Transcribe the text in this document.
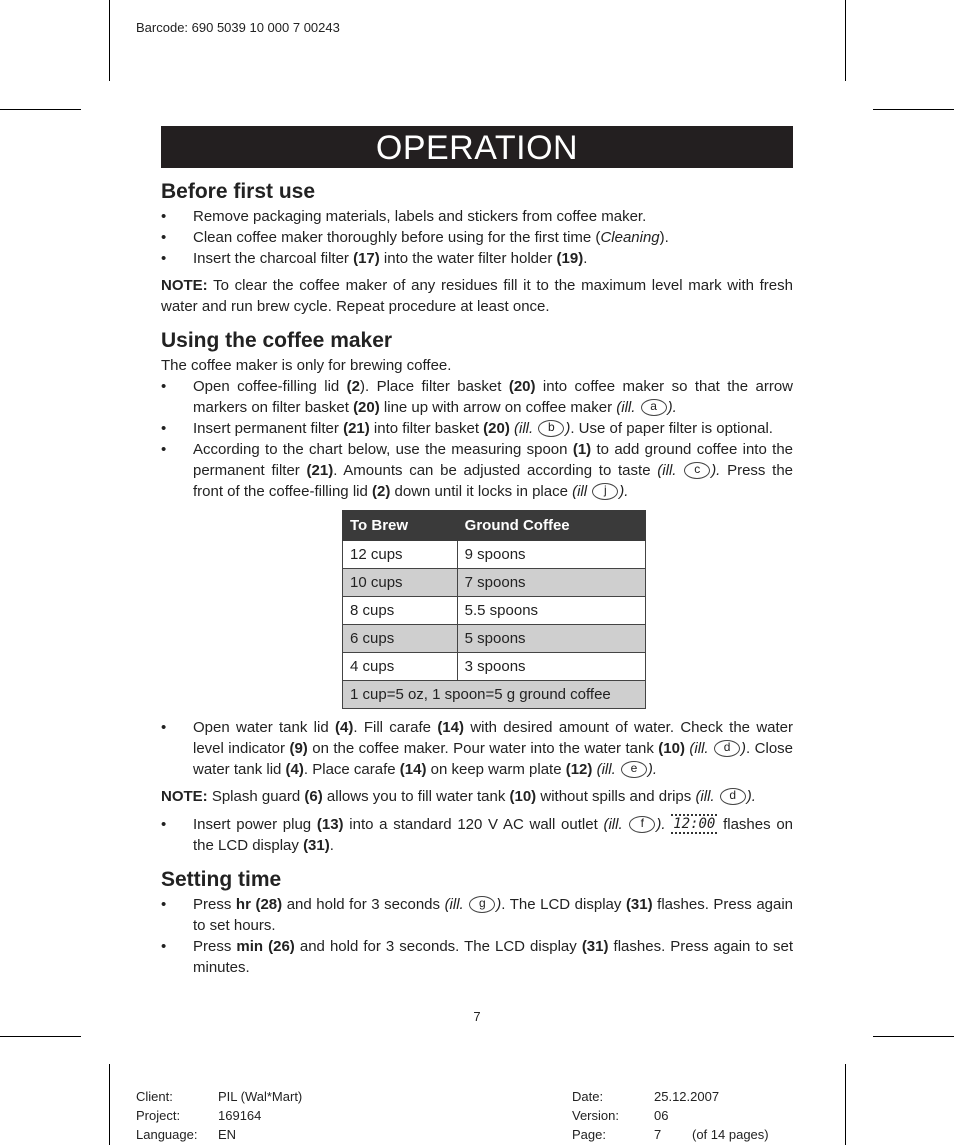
Barcode: 690 5039 10 000 7 00243
OPERATION
Before first use
• Remove packaging materials, labels and stickers from coffee maker.
• Clean coffee maker thoroughly before using for the first time (Cleaning).
• Insert the charcoal filter (17) into the water filter holder (19).

NOTE: To clear the coffee maker of any residues fill it to the maximum level mark with fresh water and run brew cycle. Repeat procedure at least once.

Using the coffee maker
The coffee maker is only for brewing coffee.
• Open coffee-filling lid (2). Place filter basket (20) into coffee maker so that the arrow markers on filter basket (20) line up with arrow on coffee maker (ill. a ).
• Insert permanent filter (21) into filter basket (20) (ill. b ). Use of paper filter is optional.
• According to the chart below, use the measuring spoon (1) to add ground coffee into the permanent filter (21). Amounts can be adjusted according to taste (ill. c ). Press the front of the coffee-filling lid (2) down until it locks in place (ill j ).
To Brew	Ground Coffee
12 cups	9 spoons
10 cups	7 spoons
8 cups	5.5 spoons
6 cups	5 spoons
4 cups	3 spoons
1 cup=5 oz, 1 spoon=5 g ground coffee	
• Open water tank lid (4). Fill carafe (14) with desired amount of water. Check the water level indicator (9) on the coffee maker. Pour water into the water tank (10) (ill. d ). Close water tank lid (4). Place carafe (14) on keep warm plate (12) (ill. e ).

NOTE: Splash guard (6) allows you to fill water tank (10) without spills and drips (ill. d ).

• Insert power plug (13) into a standard 120 V AC wall outlet (ill. f ). 12:00 flashes on the LCD display (31).
Setting time
• Press hr (28) and hold for 3 seconds (ill. g ). The LCD display (31) flashes. Press again to set hours.
• Press min (26) and hold for 3 seconds. The LCD display (31) flashes. Press again to set minutes.
7
Client:	PIL (Wal*Mart)
Project:	169164
Language: EN
Date:	25.12.2007
Version:	06
Page:	7 (of 14 pages)
